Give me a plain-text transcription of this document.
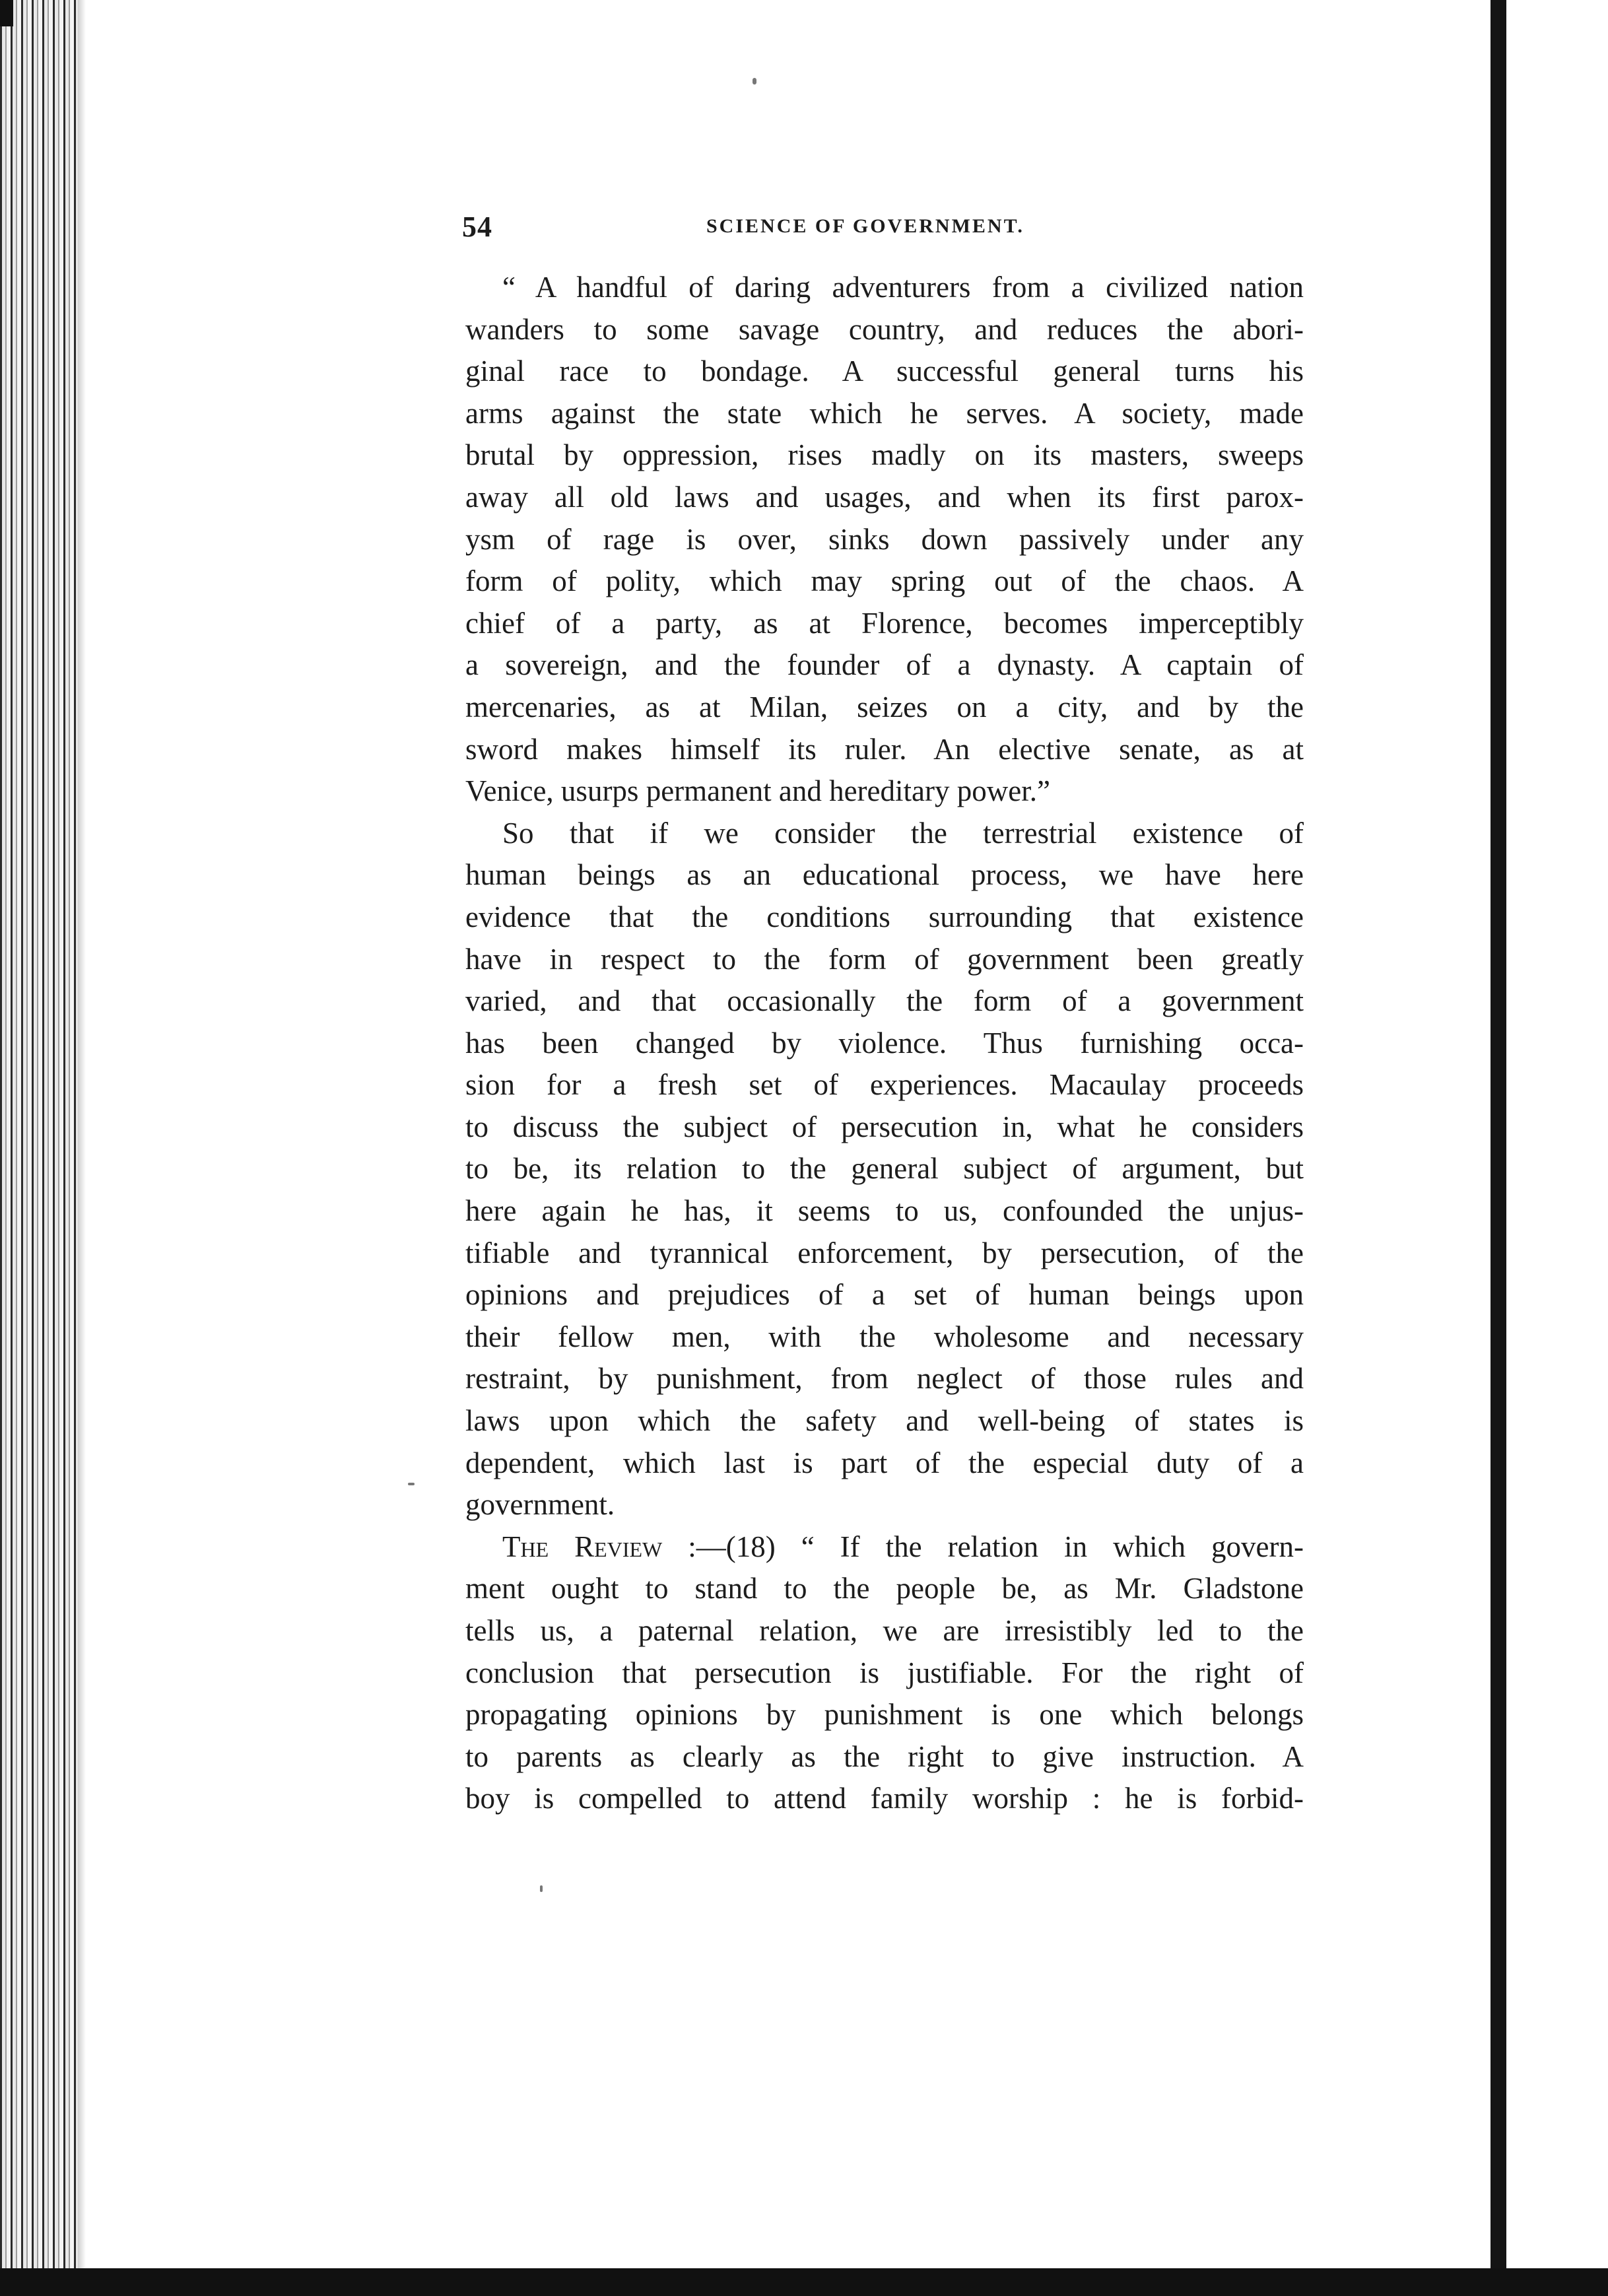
54	SCIENCE OF GOVERNMENT.
“ A handful of daring adventurers from a civilized nation
wanders to some savage country, and reduces the abori-
ginal race to bondage. A successful general turns his
arms against the state which he serves. A society, made
brutal by oppression, rises madly on its masters, sweeps
away all old laws and usages, and when its first parox-
ysm of rage is over, sinks down passively under any
form of polity, which may spring out of the chaos. A
chief of a party, as at Florence, becomes imperceptibly
a sovereign, and the founder of a dynasty. A captain of
mercenaries, as at Milan, seizes on a city, and by the
sword makes himself its ruler. An elective senate, as at
Venice, usurps permanent and hereditary power.”
So that if we consider the terrestrial existence of
human beings as an educational process, we have here
evidence that the conditions surrounding that existence
have in respect to the form of government been greatly
varied, and that occasionally the form of a government
has been changed by violence. Thus furnishing occa-
sion for a fresh set of experiences. Macaulay proceeds
to discuss the subject of persecution in, what he considers
to be, its relation to the general subject of argument, but
here again he has, it seems to us, confounded the unjus-
tifiable and tyrannical enforcement, by persecution, of the
opinions and prejudices of a set of human beings upon
their fellow men, with the wholesome and necessary
restraint, by punishment, from neglect of those rules and
laws upon which the safety and well-being of states is
dependent, which last is part of the especial duty of a
government.
The Review :—(18) “ If the relation in which govern-
ment ought to stand to the people be, as Mr. Gladstone
tells us, a paternal relation, we are irresistibly led to the
conclusion that persecution is justifiable. For the right of
propagating opinions by punishment is one which belongs
to parents as clearly as the right to give instruction. A
boy is compelled to attend family worship : he is forbid-
